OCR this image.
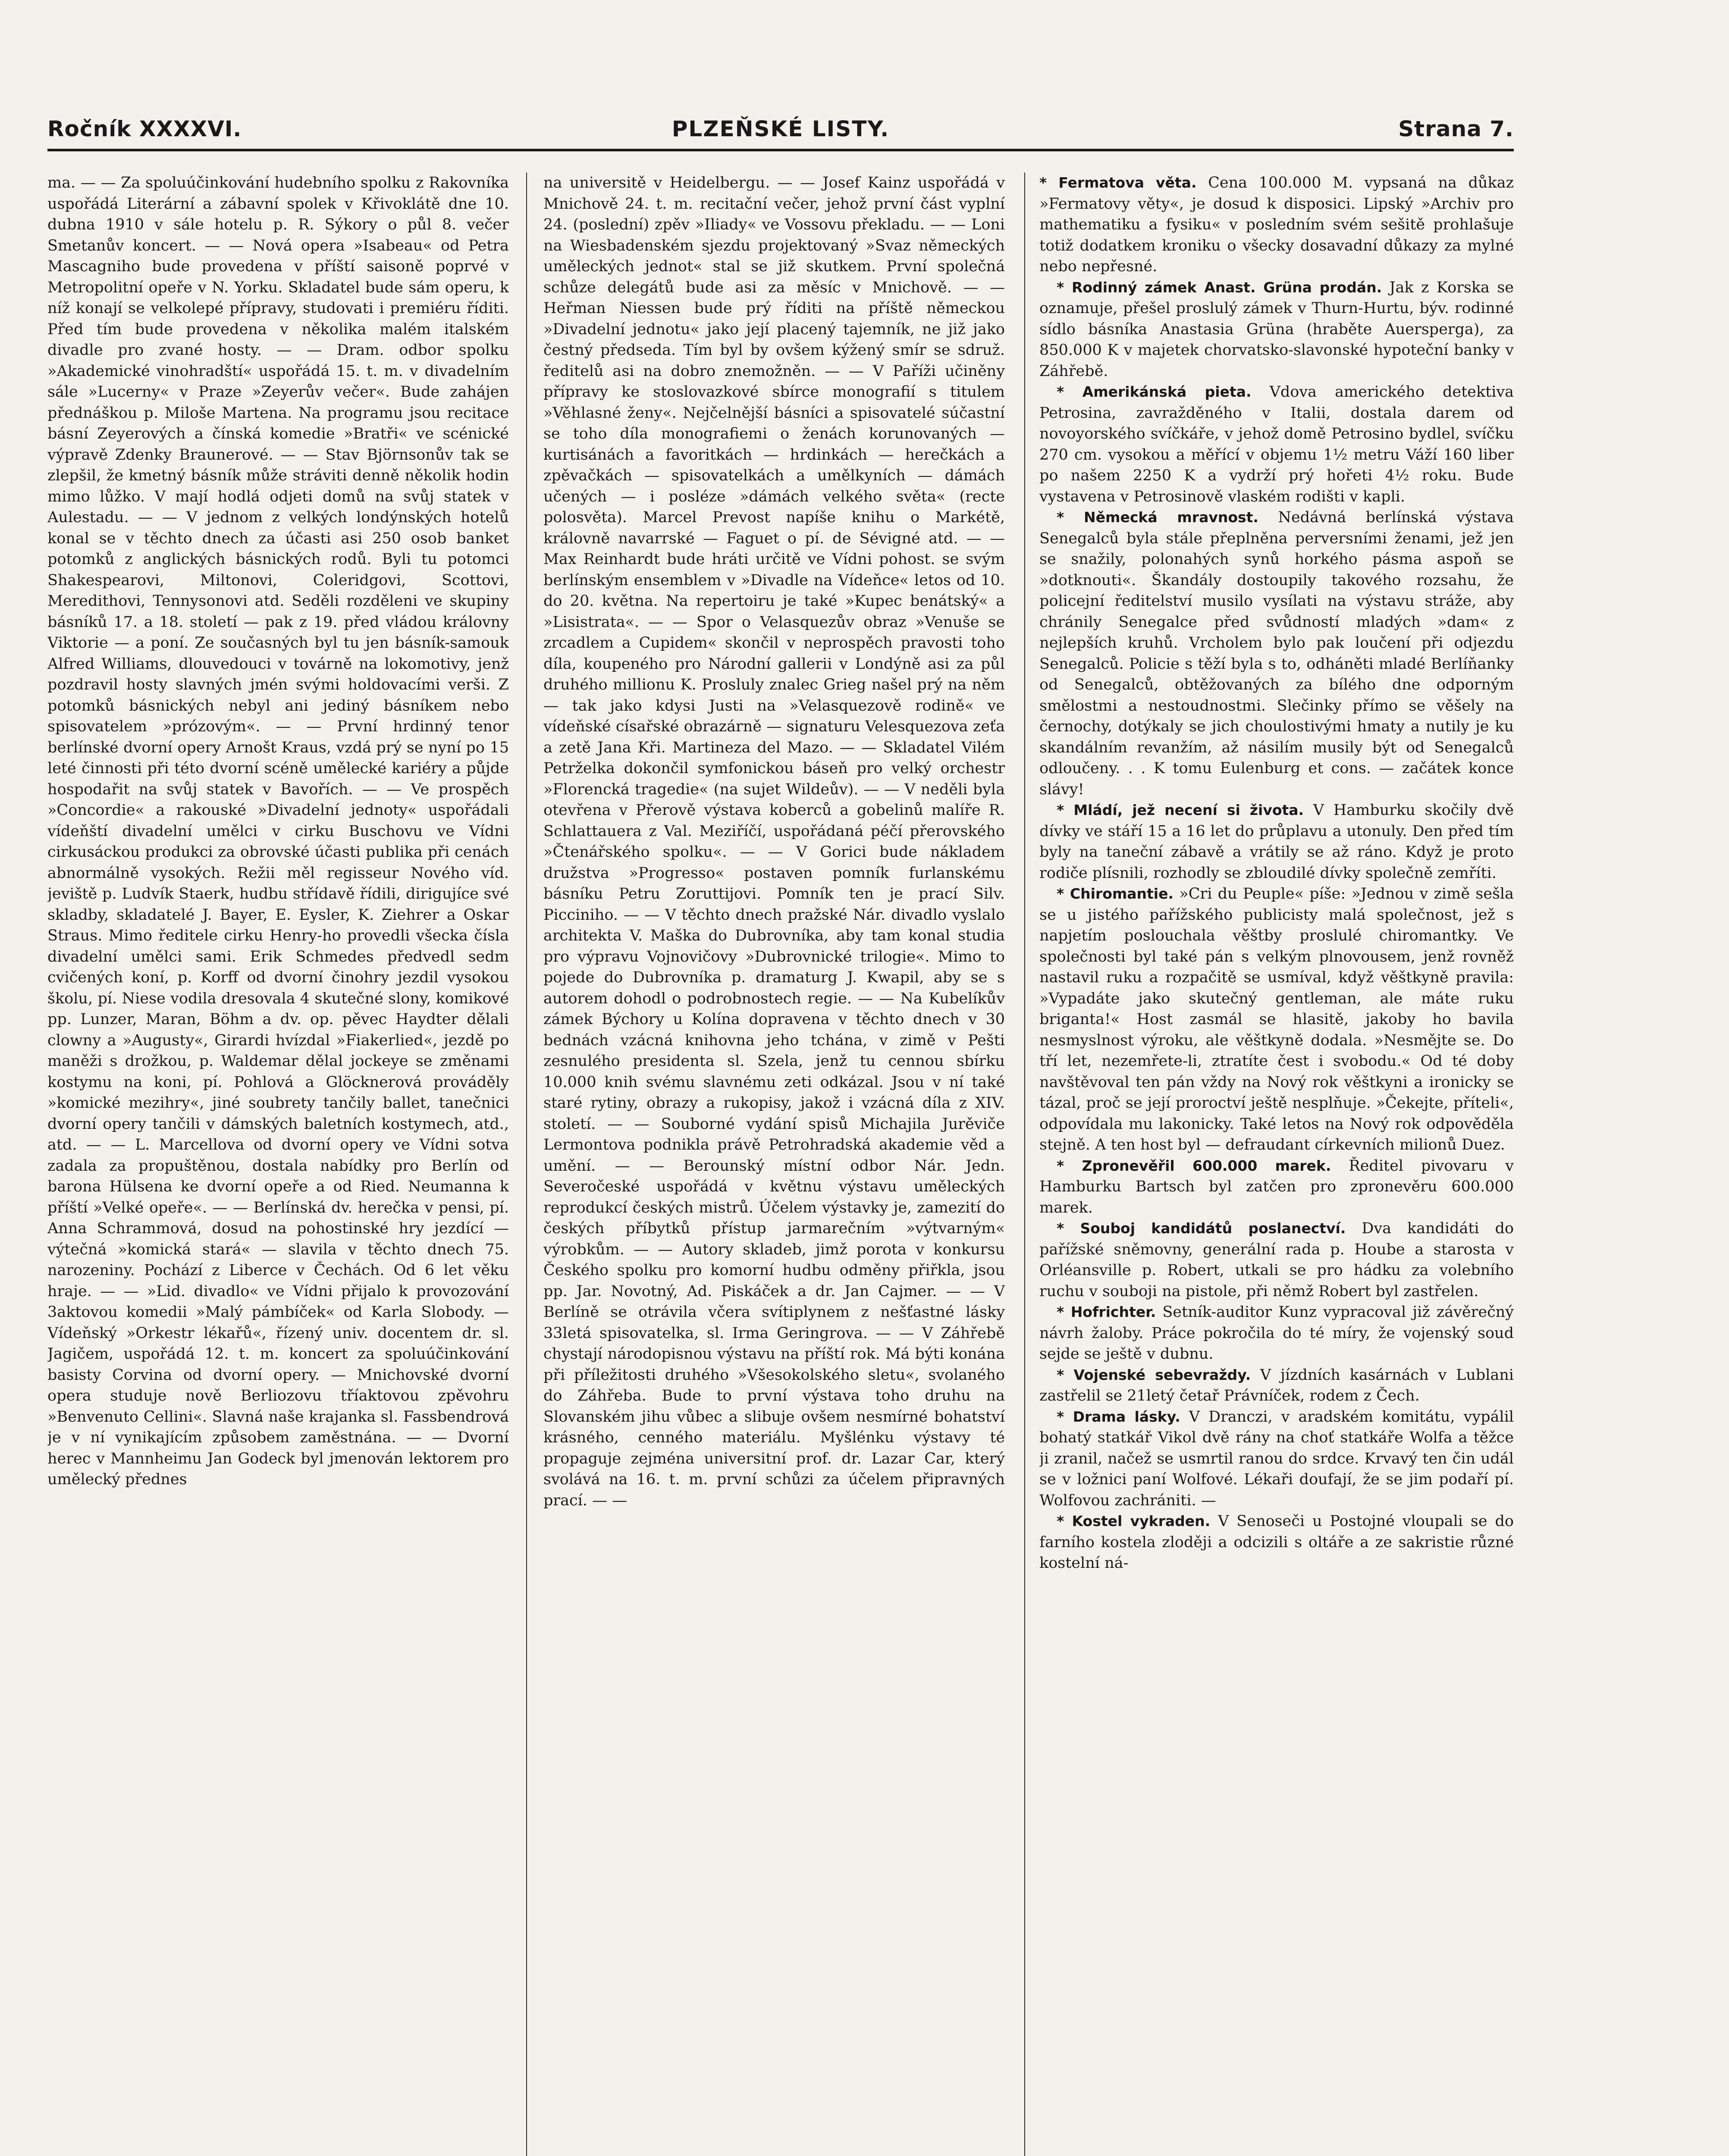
Ročník XXXXVI.	PLZEŇSKÉ LISTY.	Strana 7.

ma. — — Za spoluúčinkování hudebního spolku z Rakovníka uspořádá Literární a zábavní spolek v Křivoklátě dne 10. dubna 1910 v sále hotelu p. R. Sýkory o půl 8. večer Smetanův koncert. — — Nová opera »Isabeau« od Petra Mascagniho bude provedena v příští saisoně poprvé v Metropolitní opeře v N. Yorku. Skladatel bude sám operu, k níž konají se velkolepé přípravy, studovati i premiéru říditi. Před tím bude provedena v několika malém italském divadle pro zvané hosty. — — Dram. odbor spolku »Akademické vinohradští« uspořádá 15. t. m. v divadelním sále »Lucerny« v Praze »Zeyerův večer«. Bude zahájen přednáškou p. Miloše Martena. Na programu jsou recitace básní Zeyerových a čínská komedie »Bratři« ve scénické výpravě Zdenky Braunerové. — — Stav Björnsonův tak se zlepšil, že kmetný básník může stráviti denně několik hodin mimo lůžko. V mají hodlá odjeti domů na svůj statek v Aulestadu. — — V jednom z velkých londýnských hotelů konal se v těchto dnech za účasti asi 250 osob banket potomků z anglických básnických rodů. Byli tu potomci Shakespearovi, Miltonovi, Coleridgovi, Scottovi, Meredithovi, Tennysonovi atd. Seděli rozděleni ve skupiny básníků 17. a 18. století — pak z 19. před vládou královny Viktorie — a poní. Ze současných byl tu jen básník-samouk Alfred Williams, dlouvedouci v továrně na lokomotivy, jenž pozdravil hosty slavných jmén svými holdovacími verši. Z potomků básnických nebyl ani jediný básníkem nebo spisovatelem »prózovým«. — — První hrdinný tenor berlínské dvorní opery Arnošt Kraus, vzdá prý se nyní po 15 leté činnosti při této dvorní scéně umělecké kariéry a půjde hospodařit na svůj statek v Bavořích. — — Ve prospěch »Concordie« a rakouské »Divadelní jednoty« uspořádali vídeňští divadelní umělci v cirku Buschovu ve Vídni cirkusáckou produkci za obrovské účasti publika při cenách abnormálně vysokých. Režii měl regisseur Nového víd. jeviště p. Ludvík Staerk, hudbu střídavě řídili, dirigujíce své skladby, skladatelé J. Bayer, E. Eysler, K. Ziehrer a Oskar Straus. Mimo ředitele cirku Henry-ho provedli všecka čísla divadelní umělci sami. Erik Schmedes předvedl sedm cvičených koní, p. Korff od dvorní činohry jezdil vysokou školu, pí. Niese vodila dresovala 4 skutečné slony, komikové pp. Lunzer, Maran, Böhm a dv. op. pěvec Haydter dělali clowny a »Augusty«, Girardi hvízdal »Fiakerlied«, jezdě po maněži s drožkou, p. Waldemar dělal jockeye se změnami kostymu na koni, pí. Pohlová a Glöcknerová prováděly »komické mezihry«, jiné soubrety tančily ballet, tanečnici dvorní opery tančili v dámských baletních kostymech, atd., atd. — — L. Marcellova od dvorní opery ve Vídni sotva zadala za propuštěnou, dostala nabídky pro Berlín od barona Hülsena ke dvorní opeře a od Ried. Neumanna k příští »Velké opeře«. — — Berlínská dv. herečka v pensi, pí. Anna Schrammová, dosud na pohostinské hry jezdící — výtečná »komická stará« — slavila v těchto dnech 75. narozeniny. Pochází z Liberce v Čechách. Od 6 let věku hraje. — — »Lid. divadlo« ve Vídni přijalo k provozování 3aktovou komedii »Malý pámbíček« od Karla Slobody. — Vídeňský »Orkestr lékařů«, řízený univ. docentem dr. sl. Jagičem, uspořádá 12. t. m. koncert za spoluúčinkování basisty Corvina od dvorní opery. — Mnichovské dvorní opera studuje nově Berliozovu tříaktovou zpěvohru »Benvenuto Cellini«. Slavná naše krajanka sl. Fassbendrová je v ní vynikajícím způsobem zaměstnána. — — Dvorní herec v Mannheimu Jan Godeck byl jmenován lektorem pro umělecký přednes

na universitě v Heidelbergu. — — Josef Kainz uspořádá v Mnichově 24. t. m. recitační večer, jehož první část vyplní 24. (poslední) zpěv »Iliady« ve Vossovu překladu. — — Loni na Wiesbadenském sjezdu projektovaný »Svaz německých uměleckých jednot« stal se již skutkem. První společná schůze delegátů bude asi za měsíc v Mnichově. — — Heřman Niessen bude prý říditi na příště německou »Divadelní jednotu« jako její placený tajemník, ne již jako čestný předseda. Tím byl by ovšem kýžený smír se sdruž. ředitelů asi na dobro znemožněn. — — V Paříži učiněny přípravy ke stoslovazkové sbírce monografií s titulem »Věhlasné ženy«. Nejčelnější básníci a spisovatelé súčastní se toho díla monografiemi o ženách korunovaných — kurtisánách a favoritkách — hrdinkách — herečkách a zpěvačkách — spisovatelkách a umělkyních — dámách učených — i posléze »dámách velkého světa« (recte polosvěta). Marcel Prevost napíše knihu o Markétě, královně navarrské — Faguet o pí. de Sévigné atd. — — Max Reinhardt bude hráti určitě ve Vídni pohost. se svým berlínským ensemblem v »Divadle na Vídeňce« letos od 10. do 20. května. Na repertoiru je také »Kupec benátský« a »Lisistrata«. — — Spor o Velasquezův obraz »Venuše se zrcadlem a Cupidem« skončil v neprospěch pravosti toho díla, koupeného pro Národní gallerii v Londýně asi za půl druhého millionu K. Prosluly znalec Grieg našel prý na něm — tak jako kdysi Justi na »Velasquezově rodině« ve vídeňské císařské obrazárně — signaturu Velesquezova zeťa a zetě Jana Kři. Martineza del Mazo. — — Skladatel Vilém Petrželka dokončil symfonickou báseň pro velký orchestr »Florencká tragedie« (na sujet Wildeův). — — V neděli byla otevřena v Přerově výstava koberců a gobelinů malíře R. Schlattauera z Val. Meziříčí, uspořádaná péčí přerovského »Čtenářského spolku«. — — V Gorici bude nákladem družstva »Progresso« postaven pomník furlanskému básníku Petru Zoruttijovi. Pomník ten je prací Silv. Picciniho. — — V těchto dnech pražské Nár. divadlo vyslalo architekta V. Maška do Dubrovníka, aby tam konal studia pro výpravu Vojnovičovy »Dubrovnické trilogie«. Mimo to pojede do Dubrovníka p. dramaturg J. Kwapil, aby se s autorem dohodl o podrobnostech regie. — — Na Kubelíkův zámek Býchory u Kolína dopravena v těchto dnech v 30 bednách vzácná knihovna jeho tchána, v zimě v Pešti zesnulého presidenta sl. Szela, jenž tu cennou sbírku 10.000 knih svému slavnému zeti odkázal. Jsou v ní také staré rytiny, obrazy a rukopisy, jakož i vzácná díla z XIV. století. — — Souborné vydání spisů Michajila Jurěviče Lermontova podnikla právě Petrohradská akademie věd a umění. — — Berounský místní odbor Nár. Jedn. Severočeské uspořádá v květnu výstavu uměleckých reprodukcí českých mistrů. Účelem výstavky je, zamezití do českých příbytků přístup jarmarečním »výtvarným« výrobkům. — — Autory skladeb, jimž porota v konkursu Českého spolku pro komorní hudbu odměny přiřkla, jsou pp. Jar. Novotný, Ad. Piskáček a dr. Jan Cajmer. — — V Berlíně se otrávila včera svítiplynem z nešťastné lásky 33letá spisovatelka, sl. Irma Geringrova. — — V Záhřebě chystají národopisnou výstavu na příští rok. Má býti konána při příležitosti druhého »Všesokolského sletu«, svolaného do Záhřeba. Bude to první výstava toho druhu na Slovanském jihu vůbec a slibuje ovšem nesmírné bohatství krásného, cenného materiálu. Myšlénku výstavy té propaguje zejména universitní prof. dr. Lazar Car, který svolává na 16. t. m. první schůzi za účelem připravných prací. — —

* Fermatova věta. Cena 100.000 M. vypsaná na důkaz »Fermatovy věty«, je dosud k disposici. Lipský »Archiv pro mathematiku a fysiku« v posledním svém sešitě prohlašuje totiž dodatkem kroniku o všecky dosavadní důkazy za mylné nebo nepřesné.

* Rodinný zámek Anast. Grüna prodán. Jak z Korska se oznamuje, přešel proslulý zámek v Thurn-Hurtu, býv. rodinné sídlo básníka Anastasia Grüna (hraběte Auersperga), za 850.000 K v majetek chorvatsko-slavonské hypoteční banky v Záhřebě.

* Amerikánská pieta. Vdova amerického detektiva Petrosina, zavražděného v Italii, dostala darem od novoyorského svíčkáře, v jehož domě Petrosino bydlel, svíčku 270 cm. vysokou a měřící v objemu 1½ metru Váží 160 liber po našem 2250 K a vydrží prý hořeti 4½ roku. Bude vystavena v Petrosinově vlaském rodišti v kapli.

* Německá mravnost. Nedávná berlínská výstava Senegalců byla stále přeplněna perversními ženami, jež jen se snažily, polonahých synů horkého pásma aspoň se »dotknouti«. Škandály dostoupily takového rozsahu, že policejní ředitelství musilo vysílati na výstavu stráže, aby chránily Senegalce před svůdností mladých »dam« z nejlepších kruhů. Vrcholem bylo pak loučení při odjezdu Senegalců. Policie s těží byla s to, odháněti mladé Berlíňanky od Senegalců, obtěžovaných za bílého dne odporným smělostmi a nestoudnostmi. Slečinky přímo se věšely na černochy, dotýkaly se jich choulostivými hmaty a nutily je ku skandálním revanžím, až násilím musily být od Senegalců odloučeny. . . K tomu Eulenburg et cons. — začátek konce slávy!

* Mládí, jež necení si života. V Hamburku skočily dvě dívky ve stáří 15 a 16 let do průplavu a utonuly. Den před tím byly na taneční zábavě a vrátily se až ráno. Když je proto rodiče plísnili, rozhodly se zbloudilé dívky společně zemříti.

* Chiromantie. »Cri du Peuple« píše: »Jednou v zimě sešla se u jistého pařížského publicisty malá společnost, jež s napjetím poslouchala věštby proslulé chiromantky. Ve společnosti byl také pán s velkým plnovousem, jenž rovněž nastavil ruku a rozpačitě se usmíval, když věštkyně pravila: »Vypadáte jako skutečný gentleman, ale máte ruku briganta!« Host zasmál se hlasitě, jakoby ho bavila nesmyslnost výroku, ale věštkyně dodala. »Nesmějte se. Do tří let, nezemřete-li, ztratíte čest i svobodu.« Od té doby navštěvoval ten pán vždy na Nový rok věštkyni a ironicky se tázal, proč se její proroctví ještě nesplňuje. »Čekejte, příteli«, odpovídala mu lakonicky. Také letos na Nový rok odpověděla stejně. A ten host byl — defraudant církevních milionů Duez.

* Zpronevěřil 600.000 marek. Ředitel pivovaru v Hamburku Bartsch byl zatčen pro zpronevěru 600.000 marek.

* Souboj kandidátů poslanectví. Dva kandidáti do pařížské sněmovny, generální rada p. Hoube a starosta v Orléansville p. Robert, utkali se pro hádku za volebního ruchu v souboji na pistole, při němž Robert byl zastřelen.

* Hofrichter. Setník-auditor Kunz vypracoval již závěrečný návrh žaloby. Práce pokročila do té míry, že vojenský soud sejde se ještě v dubnu.

* Vojenské sebevraždy. V jízdních kasárnách v Lublani zastřelil se 21letý četař Právníček, rodem z Čech.

* Drama lásky. V Dranczi, v aradském komitátu, vypálil bohatý statkář Vikol dvě rány na choť statkáře Wolfa a těžce ji zranil, načež se usmrtil ranou do srdce. Krvavý ten čin udál se v ložnici paní Wolfové. Lékaři doufají, že se jim podaří pí. Wolfovou zachrániti. —

* Kostel vykraden. V Senoseči u Postojné vloupali se do farního kostela zloději a odcizili s oltáře a ze sakristie různé kostelní ná-
